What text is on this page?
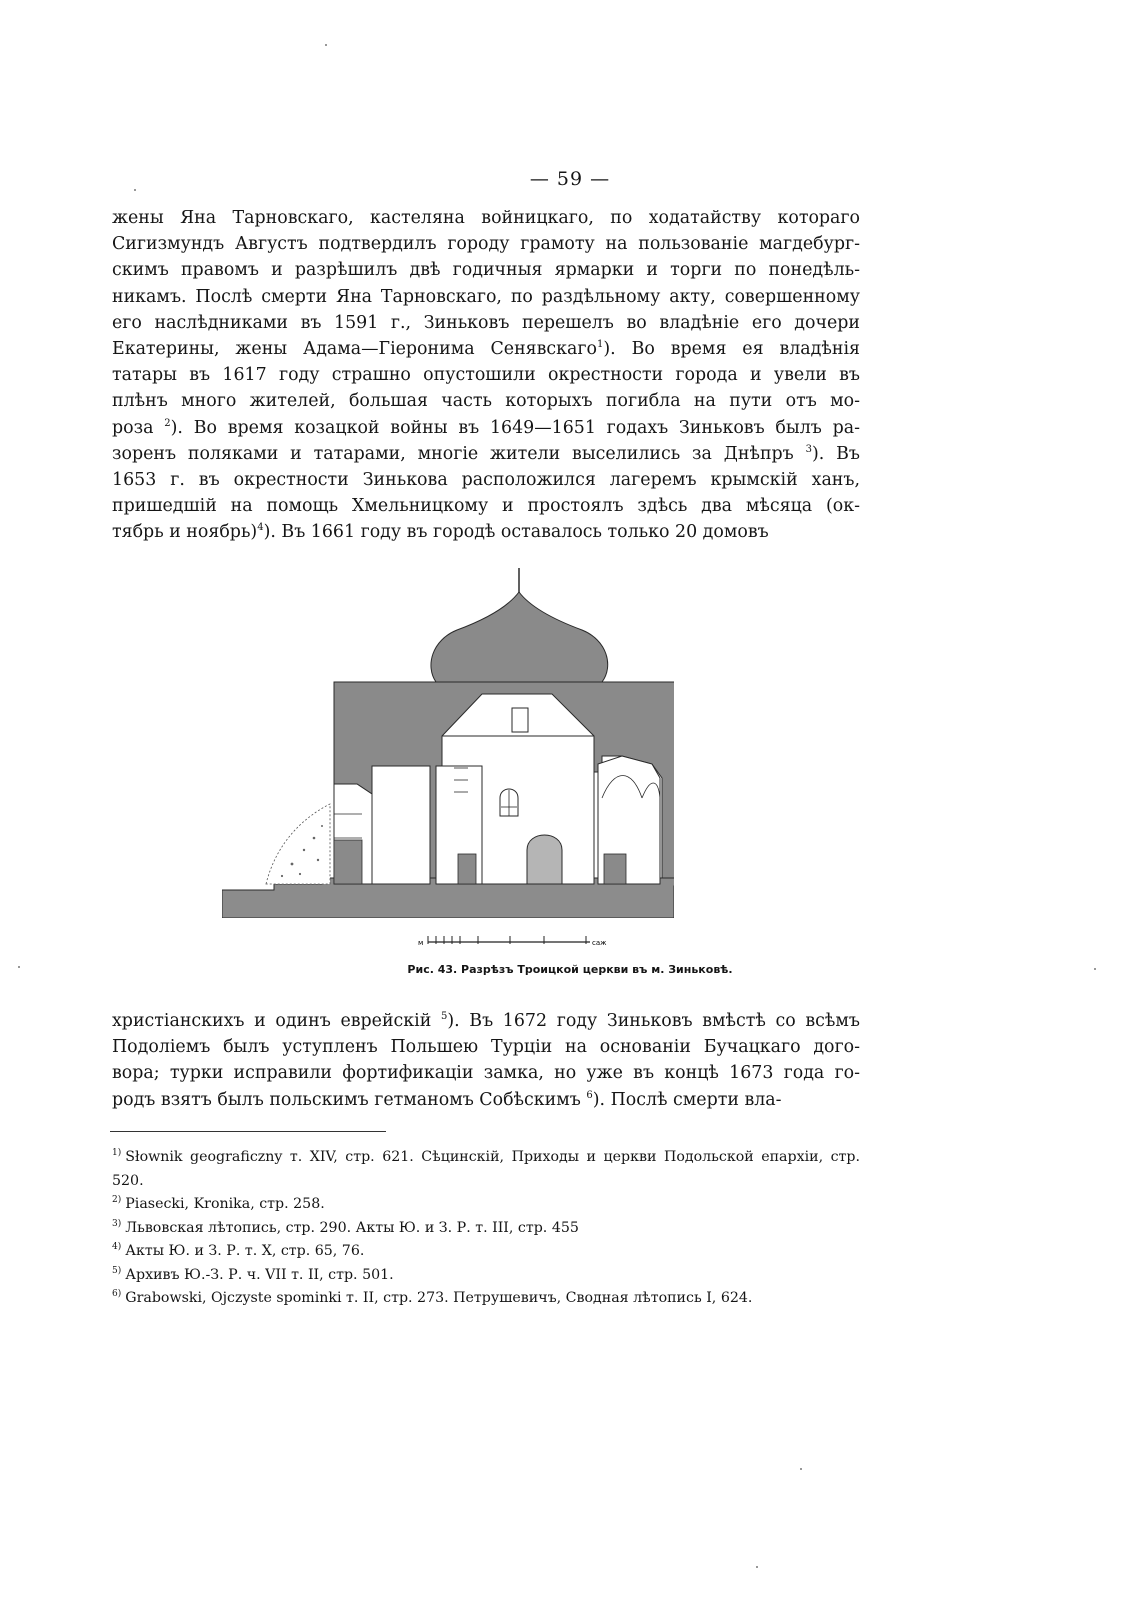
— 59 —
жены Яна Тарновскаго, кастеляна войницкаго, по ходатайству котораго
Сигизмундъ Августъ подтвердилъ городу грамоту на пользованіе магдебург-
скимъ правомъ и разрѣшилъ двѣ годичныя ярмарки и торги по понедѣль-
никамъ. Послѣ смерти Яна Тарновскаго, по раздѣльному акту, совершенному
его наслѣдниками въ 1591 г., Зиньковъ перешелъ во владѣніе его дочери
Екатерины, жены Адама—Гіеронима Сенявскаго$^1$). Во время ея владѣнія
татары въ 1617 году страшно опустошили окрестности города и увели въ
плѣнъ много жителей, большая часть которыхъ погибла на пути отъ мо-
роза $^2$). Во время козацкой войны въ 1649—1651 годахъ Зиньковъ былъ ра-
зоренъ поляками и татарами, многіе жители выселились за Днѣпръ $^3$). Въ
1653 г. въ окрестности Зинькова расположился лагеремъ крымскій ханъ,
пришедшій на помощь Хмельницкому и простоялъ здѣсь два мѣсяца (ок-
тябрь и ноябрь)$^4$). Въ 1661 году въ городѣ оставалось только 20 домовъ
ᴍ	саж
Рис. 43. Разрѣзъ Троицкой церкви въ м. Зиньковѣ.
христіанскихъ и одинъ еврейскій $^5$). Въ 1672 году Зиньковъ вмѣстѣ со всѣмъ
Подоліемъ былъ уступленъ Польшею Турціи на основаніи Бучацкаго дого-
вора; турки исправили фортификаціи замка, но уже въ концѣ 1673 года го-
родъ взятъ былъ польскимъ гетманомъ Собѣскимъ $^6$). Послѣ смерти вла-
$^{1)}$ Słownik geograficzny т. XIV, стр. 621. Сѣцинскій, Приходы и церкви Подольской епархіи, стр. 520.
$^{2)}$ Piasecki, Kronika, стр. 258.
$^{3)}$ Львовская лѣтопись, стр. 290. Акты Ю. и З. Р. т. III, стр. 455
$^{4)}$ Акты Ю. и З. Р. т. X, стр. 65, 76.
$^{5)}$ Архивъ Ю.-З. Р. ч. VII т. II, стр. 501.
$^{6)}$ Grabowski, Ojczyste spominki т. II, стр. 273. Петрушевичъ, Сводная лѣтопись I, 624.
